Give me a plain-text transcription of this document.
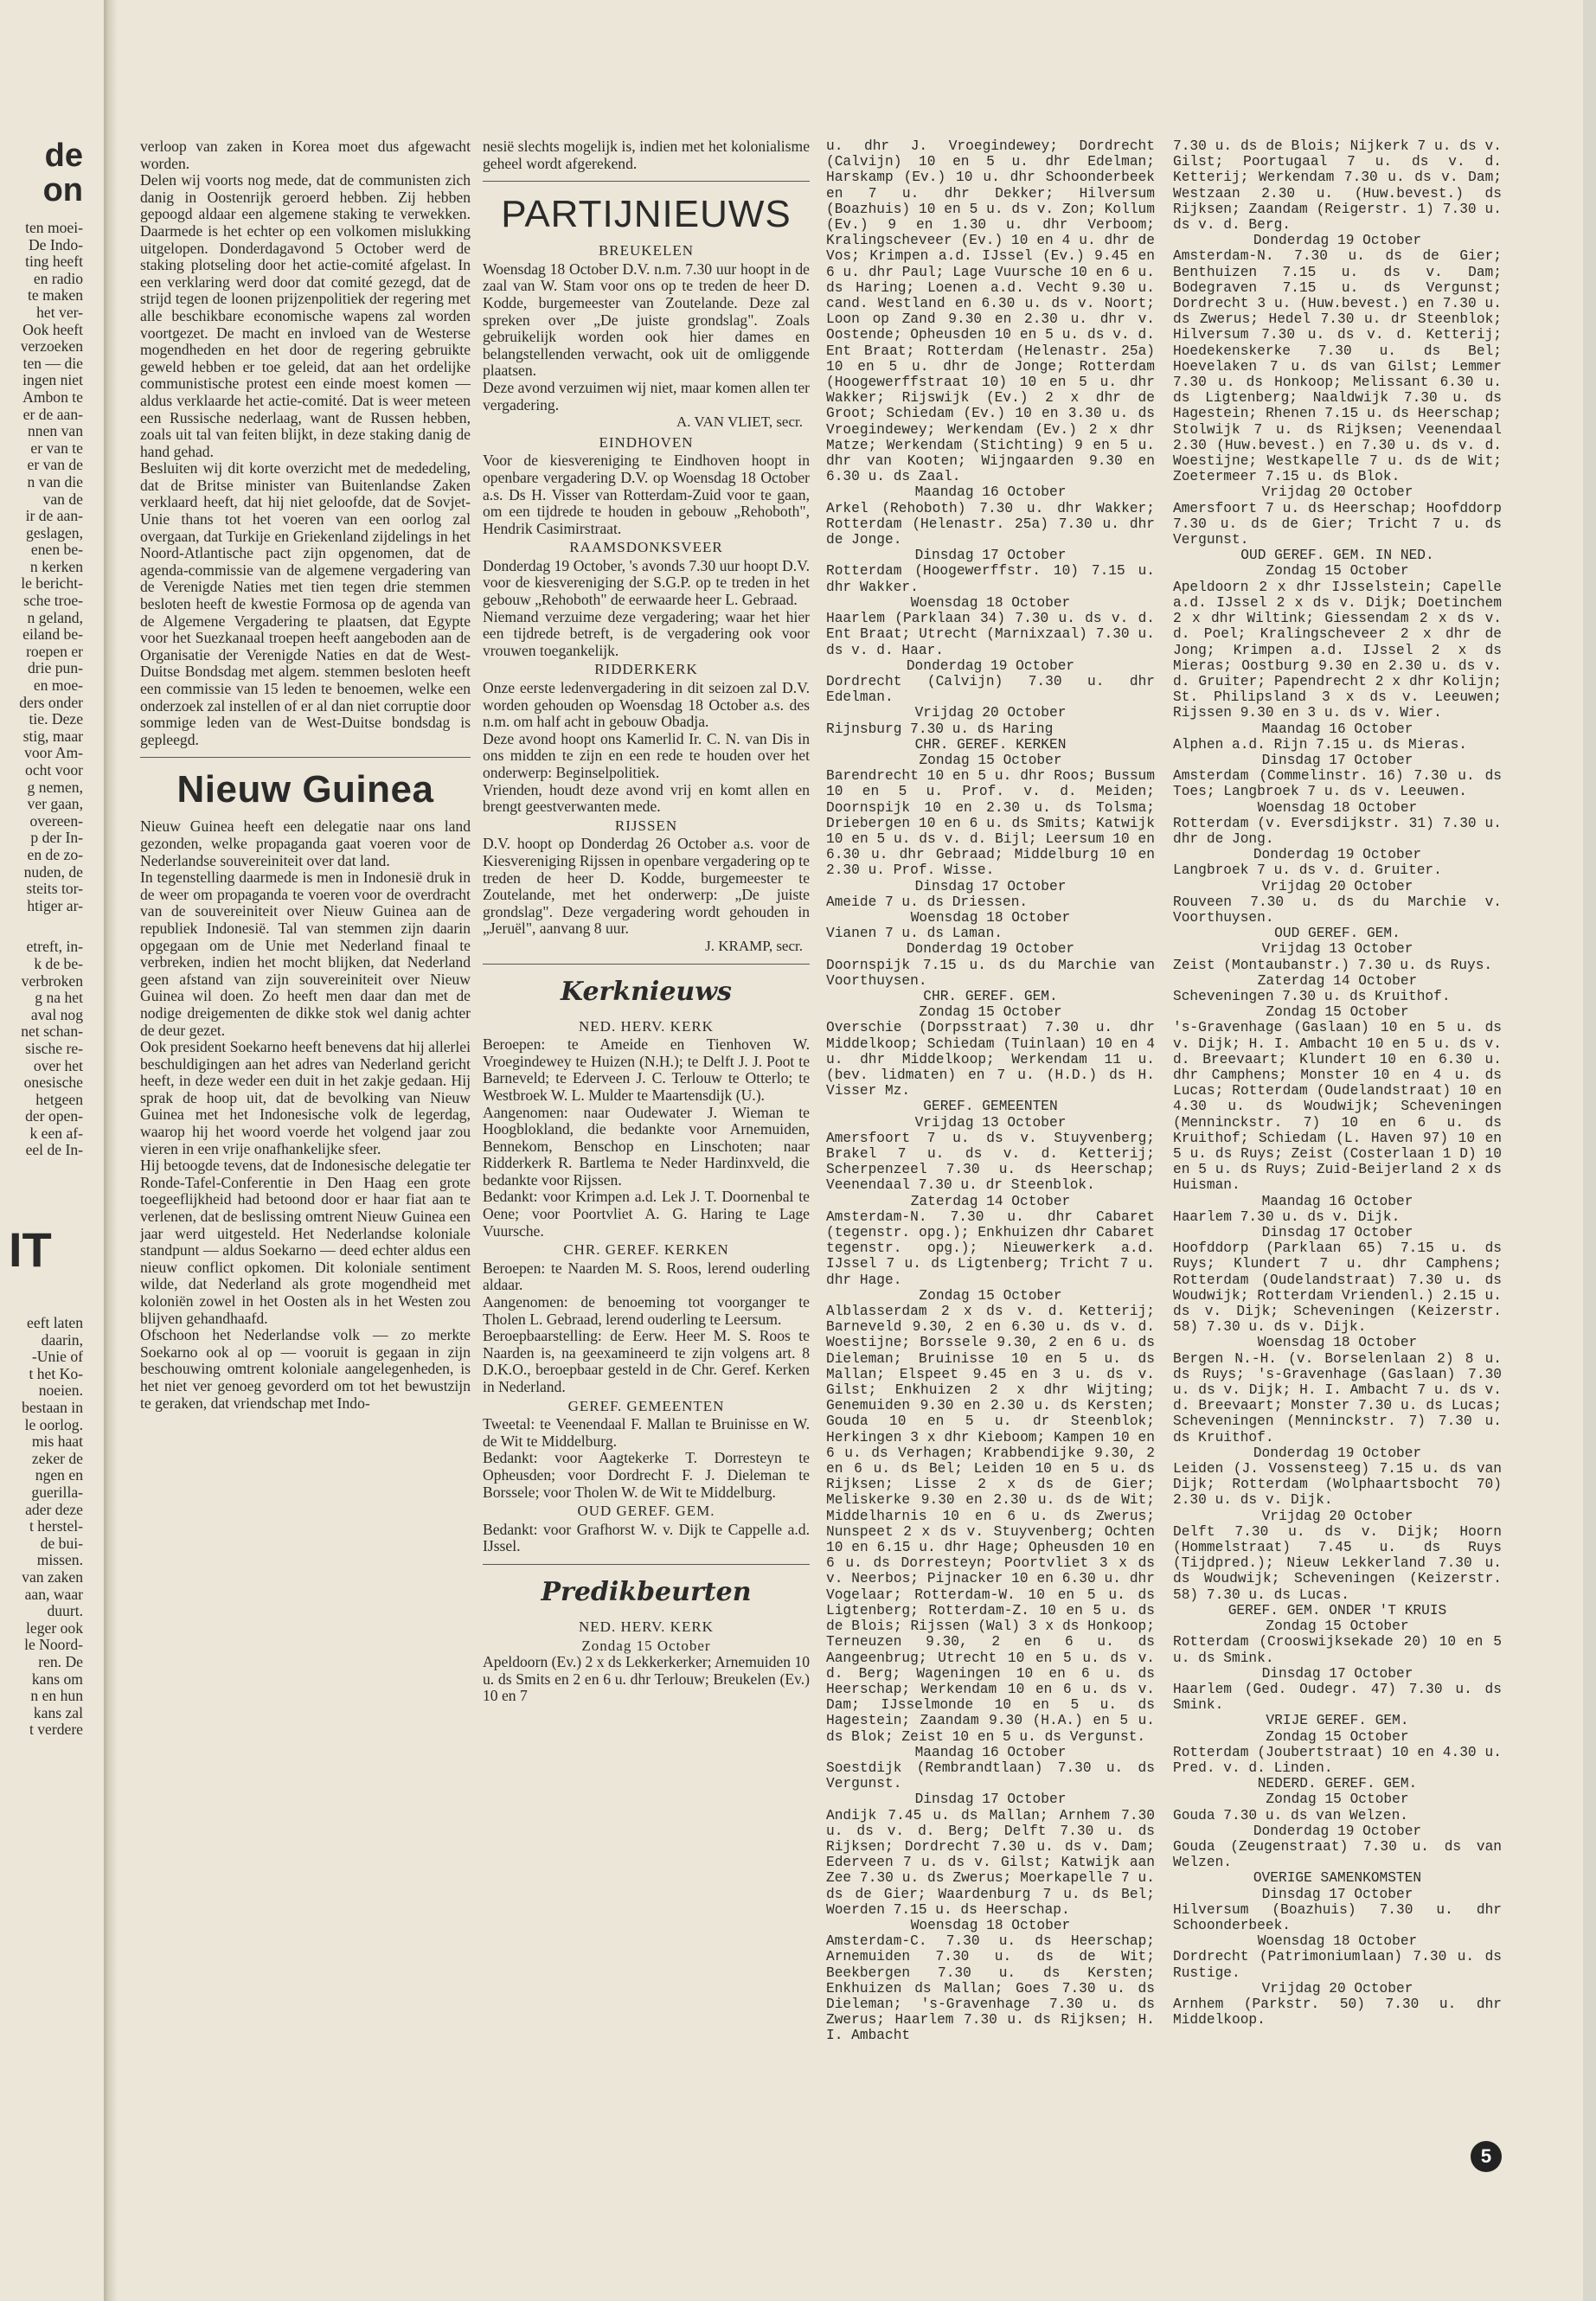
de
on
ten moei-
De Indo-
ting heeft
en radio
te maken
het ver-
Ook heeft
verzoeken
ten — die
ingen niet
Ambon te
er de aan-
nnen van
er van te
er van de
n van die
van de
ir de aan-
geslagen,
enen be-
n kerken
le bericht-
sche troe-
n geland,
eiland be-
roepen er
drie pun-
en moe-
ders onder
tie. Deze
stig, maar
voor Am-
ocht voor
g nemen,
ver gaan,
overeen-
p der In-
en de zo-
nuden, de
steits tor-
htiger ar-
etreft, in-
k de be-
verbroken
g na het
aval nog
net schan-
sische re-
over het
onesische
hetgeen
der open-
k een af-
eel de In-
IT
eeft laten
daarin,
-Unie of
t het Ko-
noeien.
bestaan in
le oorlog.
mis haat
zeker de
ngen en
guerilla-
ader deze
t herstel-
de bui-
missen.
van zaken
aan, waar
duurt.
leger ook
le Noord-
ren. De
kans om
n en hun
kans zal
t verdere

verloop van zaken in Korea moet dus afgewacht worden.

Delen wij voorts nog mede, dat de communisten zich danig in Oostenrijk geroerd hebben. Zij hebben gepoogd aldaar een algemene staking te verwekken. Daarmede is het echter op een volkomen mislukking uitgelopen. Donderdagavond 5 October werd de staking plotseling door het actie-comité afgelast. In een verklaring werd door dat comité gezegd, dat de strijd tegen de loonen prijzenpolitiek der regering met alle beschikbare economische wapens zal worden voortgezet. De macht en invloed van de Westerse mogendheden en het door de regering gebruikte geweld hebben er toe geleid, dat aan het ordelijke communistische protest een einde moest komen — aldus verklaarde het actie-comité. Dat is weer meteen een Russische nederlaag, want de Russen hebben, zoals uit tal van feiten blijkt, in deze staking danig de hand gehad.

Besluiten wij dit korte overzicht met de mededeling, dat de Britse minister van Buitenlandse Zaken verklaard heeft, dat hij niet geloofde, dat de Sovjet-Unie thans tot het voeren van een oorlog zal overgaan, dat Turkije en Griekenland zijdelings in het Noord-Atlantische pact zijn opgenomen, dat de agenda-commissie van de algemene vergadering van de Verenigde Naties met tien tegen drie stemmen besloten heeft de kwestie Formosa op de agenda van de Algemene Vergadering te plaatsen, dat Egypte voor het Suezkanaal troepen heeft aangeboden aan de Organisatie der Verenigde Naties en dat de West-Duitse Bondsdag met algem. stemmen besloten heeft een commissie van 15 leden te benoemen, welke een onderzoek zal instellen of er al dan niet corruptie door sommige leden van de West-Duitse bondsdag is gepleegd.

Nieuw Guinea

Nieuw Guinea heeft een delegatie naar ons land gezonden, welke propaganda gaat voeren voor de Nederlandse souvereiniteit over dat land.

In tegenstelling daarmede is men in Indonesië druk in de weer om propaganda te voeren voor de overdracht van de souvereiniteit over Nieuw Guinea aan de republiek Indonesië. Tal van stemmen zijn daarin opgegaan om de Unie met Nederland finaal te verbreken, indien het mocht blijken, dat Nederland geen afstand van zijn souvereiniteit over Nieuw Guinea wil doen. Zo heeft men daar dan met de nodige dreigementen de dikke stok wel danig achter de deur gezet.

Ook president Soekarno heeft benevens dat hij allerlei beschuldigingen aan het adres van Nederland gericht heeft, in deze weder een duit in het zakje gedaan. Hij sprak de hoop uit, dat de bevolking van Nieuw Guinea met het Indonesische volk de legerdag, waarop hij het woord voerde het volgend jaar zou vieren in een vrije onafhankelijke sfeer.

Hij betoogde tevens, dat de Indonesische delegatie ter Ronde-Tafel-Conferentie in Den Haag een grote toegeeflijkheid had betoond door er haar fiat aan te verlenen, dat de beslissing omtrent Nieuw Guinea een jaar werd uitgesteld. Het Nederlandse koloniale standpunt — aldus Soekarno — deed echter aldus een nieuw conflict opkomen. Dit koloniale sentiment wilde, dat Nederland als grote mogendheid met koloniën zowel in het Oosten als in het Westen zou blijven gehandhaafd.

Ofschoon het Nederlandse volk — zo merkte Soekarno ook al op — vooruit is gegaan in zijn beschouwing omtrent koloniale aangelegenheden, is het niet ver genoeg gevorderd om tot het bewustzijn te geraken, dat vriendschap met Indo-

nesië slechts mogelijk is, indien met het kolonialisme geheel wordt afgerekend.

PARTIJNIEUWS
BREUKELEN

Woensdag 18 October D.V. n.m. 7.30 uur hoopt in de zaal van W. Stam voor ons op te treden de heer D. Kodde, burgemeester van Zoutelande. Deze zal spreken over „De juiste grondslag". Zoals gebruikelijk worden ook hier dames en belangstellenden verwacht, ook uit de omliggende plaatsen.

Deze avond verzuimen wij niet, maar komen allen ter vergadering.

A. VAN VLIET, secr.
EINDHOVEN

Voor de kiesvereniging te Eindhoven hoopt in openbare vergadering D.V. op Woensdag 18 October a.s. Ds H. Visser van Rotterdam-Zuid voor te gaan, om een tijdrede te houden in gebouw „Rehoboth", Hendrik Casimirstraat.

RAAMSDONKSVEER

Donderdag 19 October, 's avonds 7.30 uur hoopt D.V. voor de kiesvereniging der S.G.P. op te treden in het gebouw „Rehoboth" de eerwaarde heer L. Gebraad.

Niemand verzuime deze vergadering; waar het hier een tijdrede betreft, is de vergadering ook voor vrouwen toegankelijk.

RIDDERKERK

Onze eerste ledenvergadering in dit seizoen zal D.V. worden gehouden op Woensdag 18 October a.s. des n.m. om half acht in gebouw Obadja.

Deze avond hoopt ons Kamerlid Ir. C. N. van Dis in ons midden te zijn en een rede te houden over het onderwerp: Beginselpolitiek.

Vrienden, houdt deze avond vrij en komt allen en brengt geestverwanten mede.

RIJSSEN

D.V. hoopt op Donderdag 26 October a.s. voor de Kiesvereniging Rijssen in openbare vergadering op te treden de heer D. Kodde, burgemeester te Zoutelande, met het onderwerp: „De juiste grondslag". Deze vergadering wordt gehouden in „Jeruël", aanvang 8 uur.

J. KRAMP, secr.
Kerknieuws
NED. HERV. KERK

Beroepen: te Ameide en Tienhoven W. Vroegindewey te Huizen (N.H.); te Delft J. J. Poot te Barneveld; te Ederveen J. C. Terlouw te Otterlo; te Westbroek W. L. Mulder te Maartensdijk (U.).

Aangenomen: naar Oudewater J. Wieman te Hoogblokland, die bedankte voor Arnemuiden, Bennekom, Benschop en Linschoten; naar Ridderkerk R. Bartlema te Neder Hardinxveld, die bedankte voor Rijssen.

Bedankt: voor Krimpen a.d. Lek J. T. Doornenbal te Oene; voor Poortvliet A. G. Haring te Lage Vuursche.

CHR. GEREF. KERKEN

Beroepen: te Naarden M. S. Roos, lerend ouderling aldaar.

Aangenomen: de benoeming tot voorganger te Tholen L. Gebraad, lerend ouderling te Leersum.

Beroepbaarstelling: de Eerw. Heer M. S. Roos te Naarden is, na geexamineerd te zijn volgens art. 8 D.K.O., beroepbaar gesteld in de Chr. Geref. Kerken in Nederland.

GEREF. GEMEENTEN

Tweetal: te Veenendaal F. Mallan te Bruinisse en W. de Wit te Middelburg.

Bedankt: voor Aagtekerke T. Dorresteyn te Opheusden; voor Dordrecht F. J. Dieleman te Borssele; voor Tholen W. de Wit te Middelburg.

OUD GEREF. GEM.

Bedankt: voor Grafhorst W. v. Dijk te Cappelle a.d. IJssel.

Predikbeurten
NED. HERV. KERK

Zondag 15 October

Apeldoorn (Ev.) 2 x ds Lekkerkerker; Arnemuiden 10 u. ds Smits en 2 en 6 u. dhr Terlouw; Breukelen (Ev.) 10 en 7

u. dhr J. Vroegindewey; Dordrecht (Calvijn) 10 en 5 u. dhr Edelman; Harskamp (Ev.) 10 u. dhr Schoonderbeek en 7 u. dhr Dekker; Hilversum (Boazhuis) 10 en 5 u. ds v. Zon; Kollum (Ev.) 9 en 1.30 u. dhr Verboom; Kralingscheveer (Ev.) 10 en 4 u. dhr de Vos; Krimpen a.d. IJssel (Ev.) 9.45 en 6 u. dhr Paul; Lage Vuursche 10 en 6 u. ds Haring; Loenen a.d. Vecht 9.30 u. cand. Westland en 6.30 u. ds v. Noort; Loon op Zand 9.30 en 2.30 u. dhr v. Oostende; Opheusden 10 en 5 u. ds v. d. Ent Braat; Rotterdam (Helenastr. 25a) 10 en 5 u. dhr de Jonge; Rotterdam (Hoogewerffstraat 10) 10 en 5 u. dhr Wakker; Rijswijk (Ev.) 2 x dhr de Groot; Schiedam (Ev.) 10 en 3.30 u. ds Vroegindewey; Werkendam (Ev.) 2 x dhr Matze; Werkendam (Stichting) 9 en 5 u. dhr van Kooten; Wijngaarden 9.30 en 6.30 u. ds Zaal.

Maandag 16 October

Arkel (Rehoboth) 7.30 u. dhr Wakker; Rotterdam (Helenastr. 25a) 7.30 u. dhr de Jonge.

Dinsdag 17 October

Rotterdam (Hoogewerffstr. 10) 7.15 u. dhr Wakker.

Woensdag 18 October

Haarlem (Parklaan 34) 7.30 u. ds v. d. Ent Braat; Utrecht (Marnixzaal) 7.30 u. ds v. d. Haar.

Donderdag 19 October

Dordrecht (Calvijn) 7.30 u. dhr Edelman.

Vrijdag 20 October

Rijnsburg 7.30 u. ds Haring

CHR. GEREF. KERKEN
Zondag 15 October

Barendrecht 10 en 5 u. dhr Roos; Bussum 10 en 5 u. Prof. v. d. Meiden; Doornspijk 10 en 2.30 u. ds Tolsma; Driebergen 10 en 6 u. ds Smits; Katwijk 10 en 5 u. ds v. d. Bijl; Leersum 10 en 6.30 u. dhr Gebraad; Middelburg 10 en 2.30 u. Prof. Wisse.

Dinsdag 17 October

Ameide 7 u. ds Driessen.

Woensdag 18 October

Vianen 7 u. ds Laman.

Donderdag 19 October

Doornspijk 7.15 u. ds du Marchie van Voorthuysen.

CHR. GEREF. GEM.
Zondag 15 October

Overschie (Dorpsstraat) 7.30 u. dhr Middelkoop; Schiedam (Tuinlaan) 10 en 4 u. dhr Middelkoop; Werkendam 11 u. (bev. lidmaten) en 7 u. (H.D.) ds H. Visser Mz.

GEREF. GEMEENTEN
Vrijdag 13 October

Amersfoort 7 u. ds v. Stuyvenberg; Brakel 7 u. ds v. d. Ketterij; Scherpenzeel 7.30 u. ds Heerschap; Veenendaal 7.30 u. dr Steenblok.

Zaterdag 14 October

Amsterdam-N. 7.30 u. dhr Cabaret (tegenstr. opg.); Enkhuizen dhr Cabaret tegenstr. opg.); Nieuwerkerk a.d. IJssel 7 u. ds Ligtenberg; Tricht 7 u. dhr Hage.

Zondag 15 October

Alblasserdam 2 x ds v. d. Ketterij; Barneveld 9.30, 2 en 6.30 u. ds v. d. Woestijne; Borssele 9.30, 2 en 6 u. ds Dieleman; Bruinisse 10 en 5 u. ds Mallan; Elspeet 9.45 en 3 u. ds v. Gilst; Enkhuizen 2 x dhr Wijting; Genemuiden 9.30 en 2.30 u. ds Kersten; Gouda 10 en 5 u. dr Steenblok; Herkingen 3 x dhr Kieboom; Kampen 10 en 6 u. ds Verhagen; Krabbendijke 9.30, 2 en 6 u. ds Bel; Leiden 10 en 5 u. ds Rijksen; Lisse 2 x ds de Gier; Meliskerke 9.30 en 2.30 u. ds de Wit; Middelharnis 10 en 6 u. ds Zwerus; Nunspeet 2 x ds v. Stuyvenberg; Ochten 10 en 6.15 u. dhr Hage; Opheusden 10 en 6 u. ds Dorresteyn; Poortvliet 3 x ds v. Neerbos; Pijnacker 10 en 6.30 u. dhr Vogelaar; Rotterdam-W. 10 en 5 u. ds Ligtenberg; Rotterdam-Z. 10 en 5 u. ds de Blois; Rijssen (Wal) 3 x ds Honkoop; Terneuzen 9.30, 2 en 6 u. ds Aangeenbrug; Utrecht 10 en 5 u. ds v. d. Berg; Wageningen 10 en 6 u. ds Heerschap; Werkendam 10 en 6 u. ds v. Dam; IJsselmonde 10 en 5 u. ds Hagestein; Zaandam 9.30 (H.A.) en 5 u. ds Blok; Zeist 10 en 5 u. ds Vergunst.

Maandag 16 October

Soestdijk (Rembrandtlaan) 7.30 u. ds Vergunst.

Dinsdag 17 October

Andijk 7.45 u. ds Mallan; Arnhem 7.30 u. ds v. d. Berg; Delft 7.30 u. ds Rijksen; Dordrecht 7.30 u. ds v. Dam; Ederveen 7 u. ds v. Gilst; Katwijk aan Zee 7.30 u. ds Zwerus; Moerkapelle 7 u. ds de Gier; Waardenburg 7 u. ds Bel; Woerden 7.15 u. ds Heerschap.

Woensdag 18 October

Amsterdam-C. 7.30 u. ds Heerschap; Arnemuiden 7.30 u. ds de Wit; Beekbergen 7.30 u. ds Kersten; Enkhuizen ds Mallan; Goes 7.30 u. ds Dieleman; 's-Gravenhage 7.30 u. ds Zwerus; Haarlem 7.30 u. ds Rijksen; H. I. Ambacht

7.30 u. ds de Blois; Nijkerk 7 u. ds v. Gilst; Poortugaal 7 u. ds v. d. Ketterij; Werkendam 7.30 u. ds v. Dam; Westzaan 2.30 u. (Huw.bevest.) ds Rijksen; Zaandam (Reigerstr. 1) 7.30 u. ds v. d. Berg.

Donderdag 19 October

Amsterdam-N. 7.30 u. ds de Gier; Benthuizen 7.15 u. ds v. Dam; Bodegraven 7.15 u. ds Vergunst; Dordrecht 3 u. (Huw.bevest.) en 7.30 u. ds Zwerus; Hedel 7.30 u. dr Steenblok; Hilversum 7.30 u. ds v. d. Ketterij; Hoedekenskerke 7.30 u. ds Bel; Hoevelaken 7 u. ds van Gilst; Lemmer 7.30 u. ds Honkoop; Melissant 6.30 u. ds Ligtenberg; Naaldwijk 7.30 u. ds Hagestein; Rhenen 7.15 u. ds Heerschap; Stolwijk 7 u. ds Rijksen; Veenendaal 2.30 (Huw.bevest.) en 7.30 u. ds v. d. Woestijne; Westkapelle 7 u. ds de Wit; Zoetermeer 7.15 u. ds Blok.

Vrijdag 20 October

Amersfoort 7 u. ds Heerschap; Hoofddorp 7.30 u. ds de Gier; Tricht 7 u. ds Vergunst.

OUD GEREF. GEM. IN NED.
Zondag 15 October

Apeldoorn 2 x dhr IJsselstein; Capelle a.d. IJssel 2 x ds v. Dijk; Doetinchem 2 x dhr Wiltink; Giessendam 2 x ds v. d. Poel; Kralingscheveer 2 x dhr de Jong; Krimpen a.d. IJssel 2 x ds Mieras; Oostburg 9.30 en 2.30 u. ds v. d. Gruiter; Papendrecht 2 x dhr Kolijn; St. Philipsland 3 x ds v. Leeuwen; Rijssen 9.30 en 3 u. ds v. Wier.

Maandag 16 October

Alphen a.d. Rijn 7.15 u. ds Mieras.

Dinsdag 17 October

Amsterdam (Commelinstr. 16) 7.30 u. ds Toes; Langbroek 7 u. ds v. Leeuwen.

Woensdag 18 October

Rotterdam (v. Eversdijkstr. 31) 7.30 u. dhr de Jong.

Donderdag 19 October

Langbroek 7 u. ds v. d. Gruiter.

Vrijdag 20 October

Rouveen 7.30 u. ds du Marchie v. Voorthuysen.

OUD GEREF. GEM.
Vrijdag 13 October

Zeist (Montaubanstr.) 7.30 u. ds Ruys.

Zaterdag 14 October

Scheveningen 7.30 u. ds Kruithof.

Zondag 15 October

's-Gravenhage (Gaslaan) 10 en 5 u. ds v. Dijk; H. I. Ambacht 10 en 5 u. ds v. d. Breevaart; Klundert 10 en 6.30 u. dhr Camphens; Monster 10 en 4 u. ds Lucas; Rotterdam (Oudelandstraat) 10 en 4.30 u. ds Woudwijk; Scheveningen (Menninckstr. 7) 10 en 6 u. ds Kruithof; Schiedam (L. Haven 97) 10 en 5 u. ds Ruys; Zeist (Costerlaan 1 D) 10 en 5 u. ds Ruys; Zuid-Beijerland 2 x ds Huisman.

Maandag 16 October

Haarlem 7.30 u. ds v. Dijk.

Dinsdag 17 October

Hoofddorp (Parklaan 65) 7.15 u. ds Ruys; Klundert 7 u. dhr Camphens; Rotterdam (Oudelandstraat) 7.30 u. ds Woudwijk; Rotterdam Vriendenl.) 2.15 u. ds v. Dijk; Scheveningen (Keizerstr. 58) 7.30 u. ds v. Dijk.

Woensdag 18 October

Bergen N.-H. (v. Borselenlaan 2) 8 u. ds Ruys; 's-Gravenhage (Gaslaan) 7.30 u. ds v. Dijk; H. I. Ambacht 7 u. ds v. d. Breevaart; Monster 7.30 u. ds Lucas; Scheveningen (Menninckstr. 7) 7.30 u. ds Kruithof.

Donderdag 19 October

Leiden (J. Vossensteeg) 7.15 u. ds van Dijk; Rotterdam (Wolphaartsbocht 70) 2.30 u. ds v. Dijk.

Vrijdag 20 October

Delft 7.30 u. ds v. Dijk; Hoorn (Hommelstraat) 7.45 u. ds Ruys (Tijdpred.); Nieuw Lekkerland 7.30 u. ds Woudwijk; Scheveningen (Keizerstr. 58) 7.30 u. ds Lucas.

GEREF. GEM. ONDER 'T KRUIS
Zondag 15 October

Rotterdam (Crooswijksekade 20) 10 en 5 u. ds Smink.

Dinsdag 17 October

Haarlem (Ged. Oudegr. 47) 7.30 u. ds Smink.

VRIJE GEREF. GEM.
Zondag 15 October

Rotterdam (Joubertstraat) 10 en 4.30 u. Pred. v. d. Linden.

NEDERD. GEREF. GEM.
Zondag 15 October

Gouda 7.30 u. ds van Welzen.

Donderdag 19 October

Gouda (Zeugenstraat) 7.30 u. ds van Welzen.

OVERIGE SAMENKOMSTEN
Dinsdag 17 October

Hilversum (Boazhuis) 7.30 u. dhr Schoonderbeek.

Woensdag 18 October

Dordrecht (Patrimoniumlaan) 7.30 u. ds Rustige.

Vrijdag 20 October

Arnhem (Parkstr. 50) 7.30 u. dhr Middelkoop.

5
